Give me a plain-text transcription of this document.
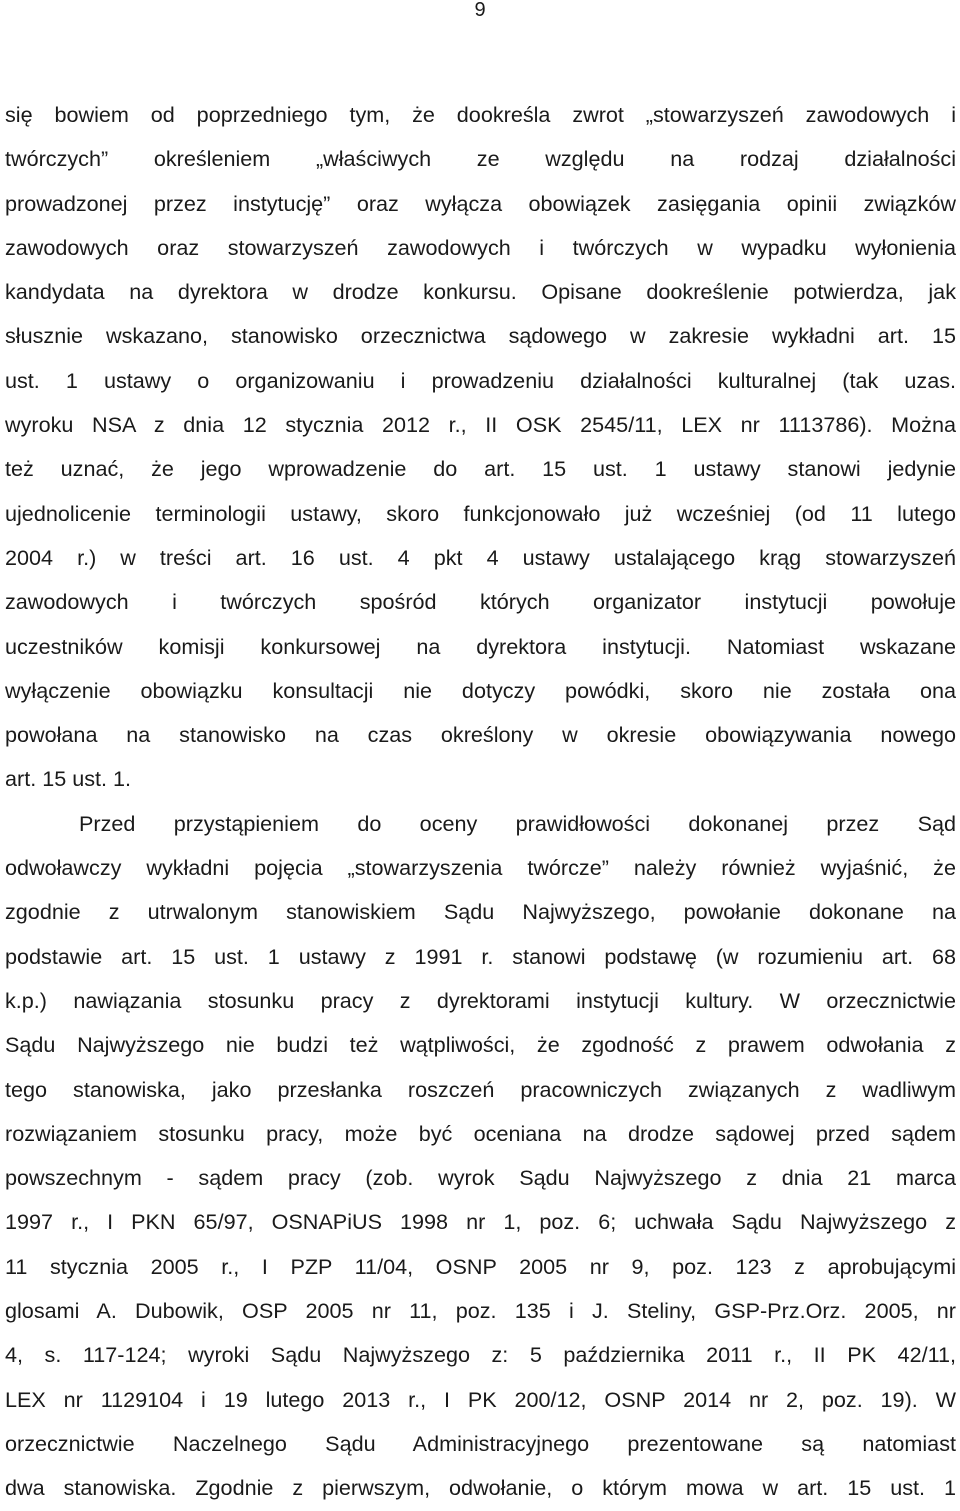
9
się bowiem od poprzedniego tym, że dookreśla zwrot „stowarzyszeń zawodowych i
twórczych” określeniem „właściwych ze względu na rodzaj działalności
prowadzonej przez instytucję” oraz wyłącza obowiązek zasięgania opinii związków
zawodowych oraz stowarzyszeń zawodowych i twórczych w wypadku wyłonienia
kandydata na dyrektora w drodze konkursu. Opisane dookreślenie potwierdza, jak
słusznie wskazano, stanowisko orzecznictwa sądowego w zakresie wykładni art. 15
ust. 1 ustawy o organizowaniu i prowadzeniu działalności kulturalnej (tak uzas.
wyroku NSA z dnia 12 stycznia 2012 r., II OSK 2545/11, LEX nr 1113786). Można
też uznać, że jego wprowadzenie do art. 15 ust. 1 ustawy stanowi jedynie
ujednolicenie terminologii ustawy, skoro funkcjonowało już wcześniej (od 11 lutego
2004 r.) w treści art. 16 ust. 4 pkt 4 ustawy ustalającego krąg stowarzyszeń
zawodowych i twórczych spośród których organizator instytucji powołuje
uczestników komisji konkursowej na dyrektora instytucji. Natomiast wskazane
wyłączenie obowiązku konsultacji nie dotyczy powódki, skoro nie została ona
powołana na stanowisko na czas określony w okresie obowiązywania nowego
art. 15 ust. 1.
Przed przystąpieniem do oceny prawidłowości dokonanej przez Sąd
odwoławczy wykładni pojęcia „stowarzyszenia twórcze” należy również wyjaśnić, że
zgodnie z utrwalonym stanowiskiem Sądu Najwyższego, powołanie dokonane na
podstawie art. 15 ust. 1 ustawy z 1991 r. stanowi podstawę (w rozumieniu art. 68
k.p.) nawiązania stosunku pracy z dyrektorami instytucji kultury. W orzecznictwie
Sądu Najwyższego nie budzi też wątpliwości, że zgodność z prawem odwołania z
tego stanowiska, jako przesłanka roszczeń pracowniczych związanych z wadliwym
rozwiązaniem stosunku pracy, może być oceniana na drodze sądowej przed sądem
powszechnym - sądem pracy (zob. wyrok Sądu Najwyższego z dnia 21 marca
1997 r., I PKN 65/97, OSNAPiUS 1998 nr 1, poz. 6; uchwała Sądu Najwyższego z
11 stycznia 2005 r., I PZP 11/04, OSNP 2005 nr 9, poz. 123 z aprobującymi
glosami A. Dubowik, OSP 2005 nr 11, poz. 135 i J. Steliny, GSP-Prz.Orz. 2005, nr
4, s. 117-124; wyroki Sądu Najwyższego z: 5 października 2011 r., II PK 42/11,
LEX nr 1129104 i 19 lutego 2013 r., I PK 200/12, OSNP 2014 nr 2, poz. 19). W
orzecznictwie Naczelnego Sądu Administracyjnego prezentowane są natomiast
dwa stanowiska. Zgodnie z pierwszym, odwołanie, o którym mowa w art. 15 ust. 1
